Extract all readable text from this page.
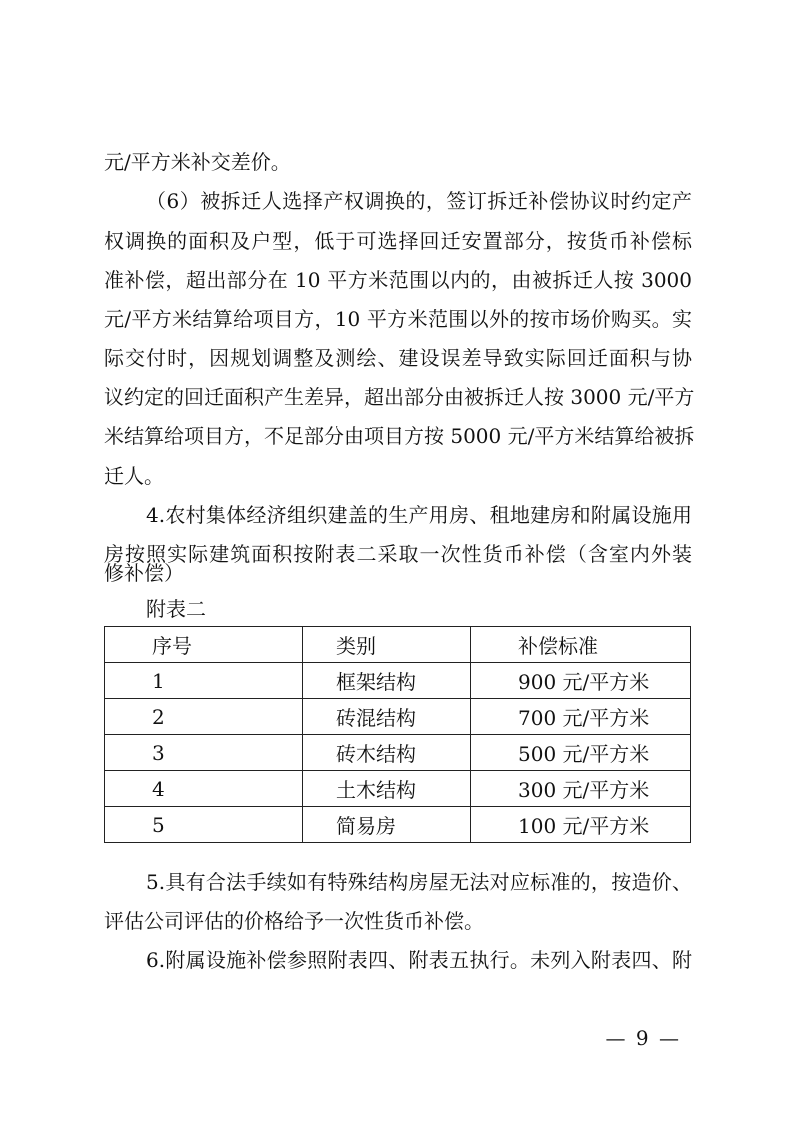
元/平方米补交差价。
（6）被拆迁人选择产权调换的，签订拆迁补偿协议时约定产
权调换的面积及户型，低于可选择回迁安置部分，按货币补偿标
准补偿，超出部分在 10 平方米范围以内的，由被拆迁人按 3000
元/平方米结算给项目方，10 平方米范围以外的按市场价购买。实
际交付时，因规划调整及测绘、建设误差导致实际回迁面积与协
议约定的回迁面积产生差异，超出部分由被拆迁人按 3000 元/平方
米结算给项目方，不足部分由项目方按 5000 元/平方米结算给被拆
迁人。
4.农村集体经济组织建盖的生产用房、租地建房和附属设施用
房按照实际建筑面积按附表二采取一次性货币补偿（含室内外装
修补偿）
附表二
序号	类别	补偿标准
1	框架结构	900 元/平方米
2	砖混结构	700 元/平方米
3	砖木结构	500 元/平方米
4	土木结构	300 元/平方米
5	简易房	100 元/平方米
5.具有合法手续如有特殊结构房屋无法对应标准的，按造价、
评估公司评估的价格给予一次性货币补偿。
6.附属设施补偿参照附表四、附表五执行。未列入附表四、附
— 9 —
